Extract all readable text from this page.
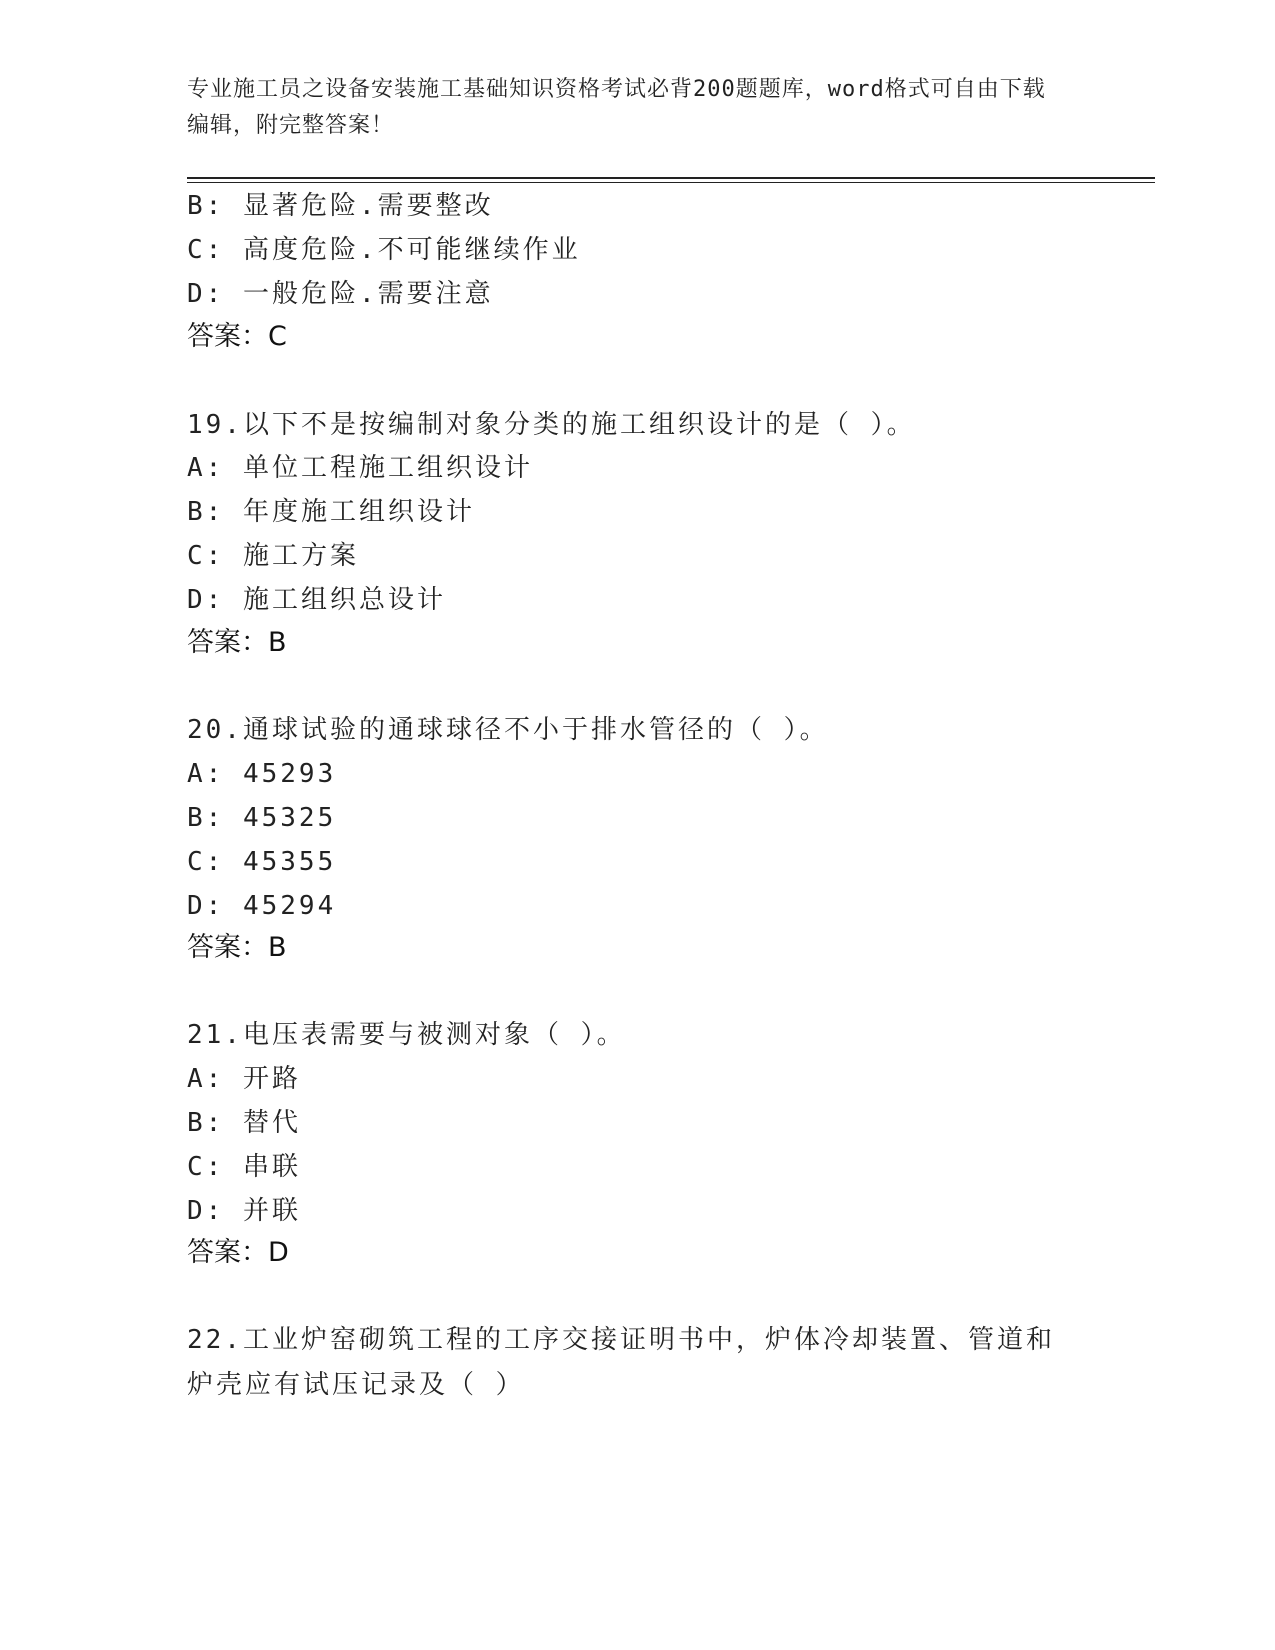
专业施工员之设备安装施工基础知识资格考试必背200题题库，word格式可自由下载编辑，附完整答案！
B: 显著危险.需要整改
C: 高度危险.不可能继续作业
D: 一般危险.需要注意
答案：C
19.以下不是按编制对象分类的施工组织设计的是（ ）。
A: 单位工程施工组织设计
B: 年度施工组织设计
C: 施工方案
D: 施工组织总设计
答案：B
20.通球试验的通球球径不小于排水管径的（ ）。
A: 45293
B: 45325
C: 45355
D: 45294
答案：B
21.电压表需要与被测对象（ ）。
A: 开路
B: 替代
C: 串联
D: 并联
答案：D
22.工业炉窑砌筑工程的工序交接证明书中，炉体冷却装置、管道和炉壳应有试压记录及（ ）
